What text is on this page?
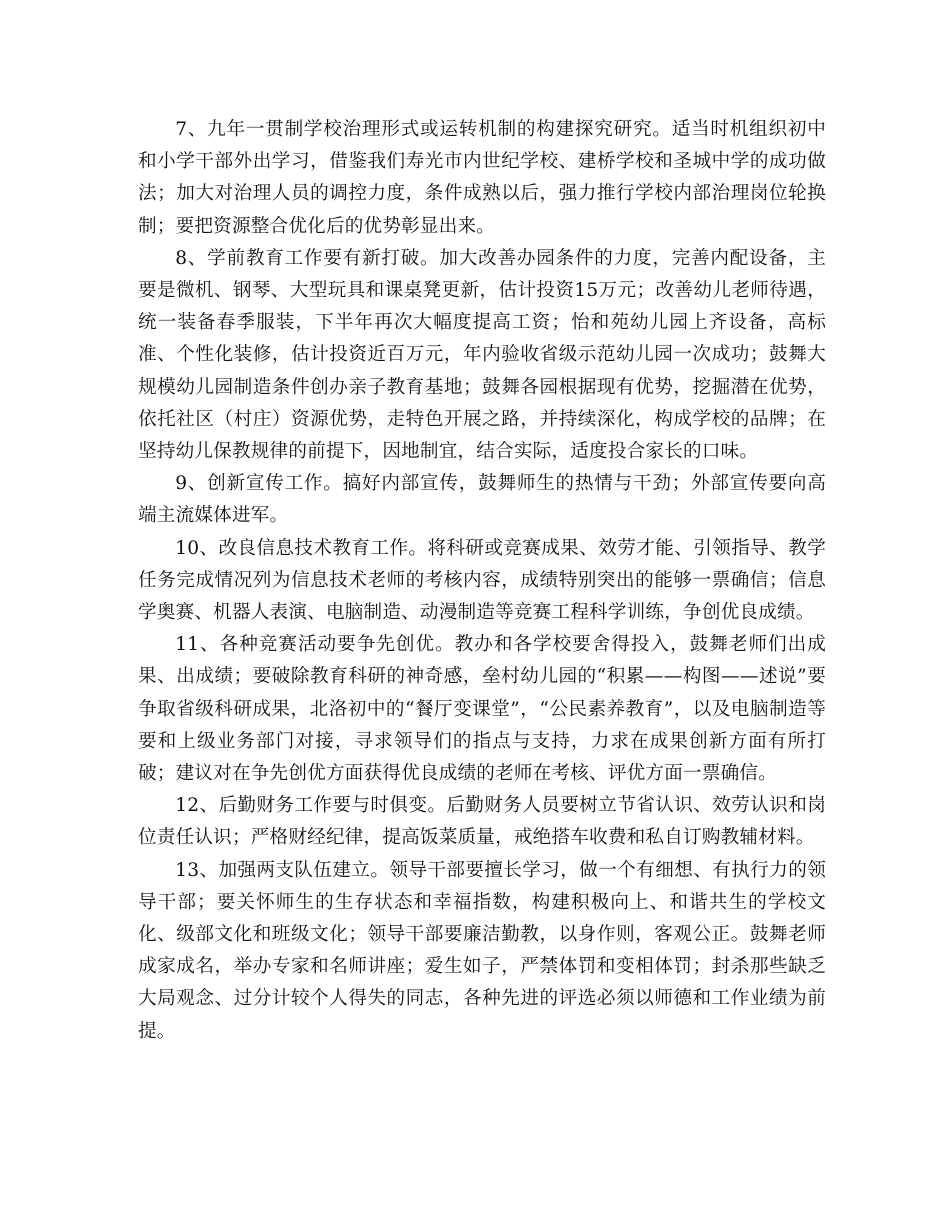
7、九年一贯制学校治理形式或运转机制的构建探究研究。适当时机组织初中和小学干部外出学习，借鉴我们寿光市内世纪学校、建桥学校和圣城中学的成功做法；加大对治理人员的调控力度，条件成熟以后，强力推行学校内部治理岗位轮换制；要把资源整合优化后的优势彰显出来。

8、学前教育工作要有新打破。加大改善办园条件的力度，完善内配设备，主要是微机、钢琴、大型玩具和课桌凳更新，估计投资15万元；改善幼儿老师待遇，统一装备春季服装，下半年再次大幅度提高工资；怡和苑幼儿园上齐设备，高标准、个性化装修，估计投资近百万元，年内验收省级示范幼儿园一次成功；鼓舞大规模幼儿园制造条件创办亲子教育基地；鼓舞各园根据现有优势，挖掘潜在优势，依托社区（村庄）资源优势，走特色开展之路，并持续深化，构成学校的品牌；在坚持幼儿保教规律的前提下，因地制宜，结合实际，适度投合家长的口味。

9、创新宣传工作。搞好内部宣传，鼓舞师生的热情与干劲；外部宣传要向高端主流媒体进军。

10、改良信息技术教育工作。将科研或竞赛成果、效劳才能、引领指导、教学任务完成情况列为信息技术老师的考核内容，成绩特别突出的能够一票确信；信息学奥赛、机器人表演、电脑制造、动漫制造等竞赛工程科学训练，争创优良成绩。

11、各种竞赛活动要争先创优。教办和各学校要舍得投入，鼓舞老师们出成果、出成绩；要破除教育科研的神奇感，垒村幼儿园的“积累——构图——述说”要争取省级科研成果，北洛初中的“餐厅变课堂”，“公民素养教育”，以及电脑制造等要和上级业务部门对接，寻求领导们的指点与支持，力求在成果创新方面有所打破；建议对在争先创优方面获得优良成绩的老师在考核、评优方面一票确信。

12、后勤财务工作要与时俱变。后勤财务人员要树立节省认识、效劳认识和岗位责任认识；严格财经纪律，提高饭菜质量，戒绝搭车收费和私自订购教辅材料。

13、加强两支队伍建立。领导干部要擅长学习，做一个有细想、有执行力的领导干部；要关怀师生的生存状态和幸福指数，构建积极向上、和谐共生的学校文化、级部文化和班级文化；领导干部要廉洁勤教，以身作则，客观公正。鼓舞老师成家成名，举办专家和名师讲座；爱生如子，严禁体罚和变相体罚；封杀那些缺乏大局观念、过分计较个人得失的同志，各种先进的评选必须以师德和工作业绩为前提。
